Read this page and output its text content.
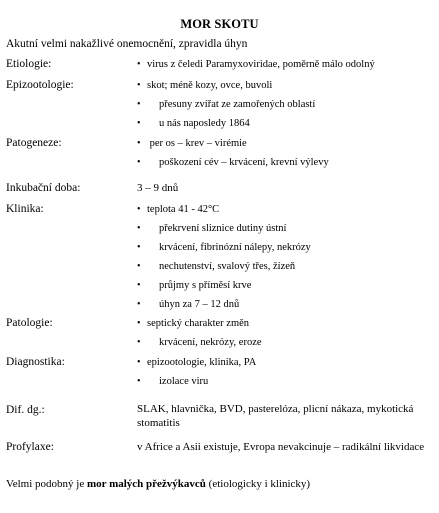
MOR SKOTU
Akutní velmi nakažlivé onemocnění, zpravidla úhyn
Etiologie:	• virus z čeledi Paramyxoviridae, poměrně málo odolný
Epizootologie:	• skot; méně kozy, ovce, buvoli
• přesuny zvířat ze zamořených oblastí
• u nás naposledy 1864
Patogeneze:	• per os – krev – virémie
• poškození cév – krvácení, krevní výlevy
Inkubační doba:	3 – 9 dnů
Klinika:	• teplota 41 - 42°C
• překrvení sliznice dutiny ústní
• krvácení, fibrinózní nálepy, nekrózy
• nechutenství, svalový třes, žízeň
• průjmy s příměsí krve
• úhyn za 7 – 12 dnů
Patologie:	• septický charakter změn
• krvácení, nekrózy, eroze
Diagnostika:	• epizootologie, klinika, PA
• izolace viru
Dif. dg.:	SLAK, hlavnička, BVD, pasterelóza, plicní nákaza, mykotická stomatitis
Profylaxe:	v Africe a Asii existuje, Evropa nevakcinuje – radikální likvidace
Velmi podobný je mor malých přežvýkavců (etiologicky i klinicky)
